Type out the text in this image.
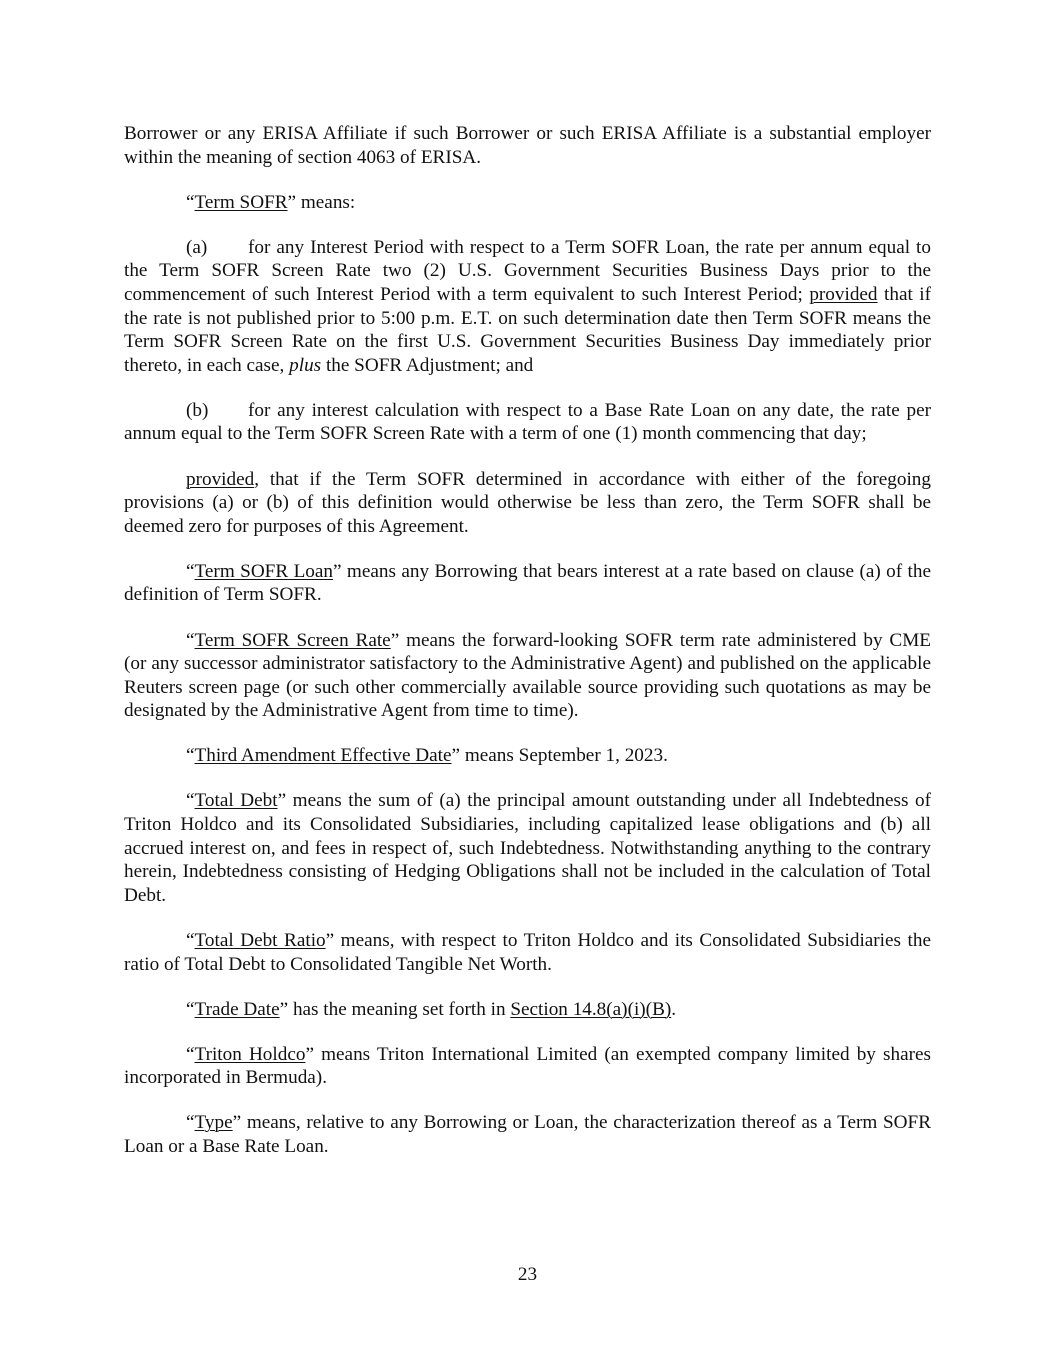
Borrower or any ERISA Affiliate if such Borrower or such ERISA Affiliate is a substantial employer within the meaning of section 4063 of ERISA.

“Term SOFR” means:

(a) for any Interest Period with respect to a Term SOFR Loan, the rate per annum equal to the Term SOFR Screen Rate two (2) U.S. Government Securities Business Days prior to the commencement of such Interest Period with a term equivalent to such Interest Period; provided that if the rate is not published prior to 5:00 p.m. E.T. on such determination date then Term SOFR means the Term SOFR Screen Rate on the first U.S. Government Securities Business Day immediately prior thereto, in each case, plus the SOFR Adjustment; and

(b) for any interest calculation with respect to a Base Rate Loan on any date, the rate per annum equal to the Term SOFR Screen Rate with a term of one (1) month commencing that day;

provided, that if the Term SOFR determined in accordance with either of the foregoing provisions (a) or (b) of this definition would otherwise be less than zero, the Term SOFR shall be deemed zero for purposes of this Agreement.

“Term SOFR Loan” means any Borrowing that bears interest at a rate based on clause (a) of the definition of Term SOFR.

“Term SOFR Screen Rate” means the forward-looking SOFR term rate administered by CME (or any successor administrator satisfactory to the Administrative Agent) and published on the applicable Reuters screen page (or such other commercially available source providing such quotations as may be designated by the Administrative Agent from time to time).

“Third Amendment Effective Date” means September 1, 2023.

“Total Debt” means the sum of (a) the principal amount outstanding under all Indebtedness of Triton Holdco and its Consolidated Subsidiaries, including capitalized lease obligations and (b) all accrued interest on, and fees in respect of, such Indebtedness. Notwithstanding anything to the contrary herein, Indebtedness consisting of Hedging Obligations shall not be included in the calculation of Total Debt.

“Total Debt Ratio” means, with respect to Triton Holdco and its Consolidated Subsidiaries the ratio of Total Debt to Consolidated Tangible Net Worth.

“Trade Date” has the meaning set forth in Section 14.8(a)(i)(B).

“Triton Holdco” means Triton International Limited (an exempted company limited by shares incorporated in Bermuda).

“Type” means, relative to any Borrowing or Loan, the characterization thereof as a Term SOFR Loan or a Base Rate Loan.

23
